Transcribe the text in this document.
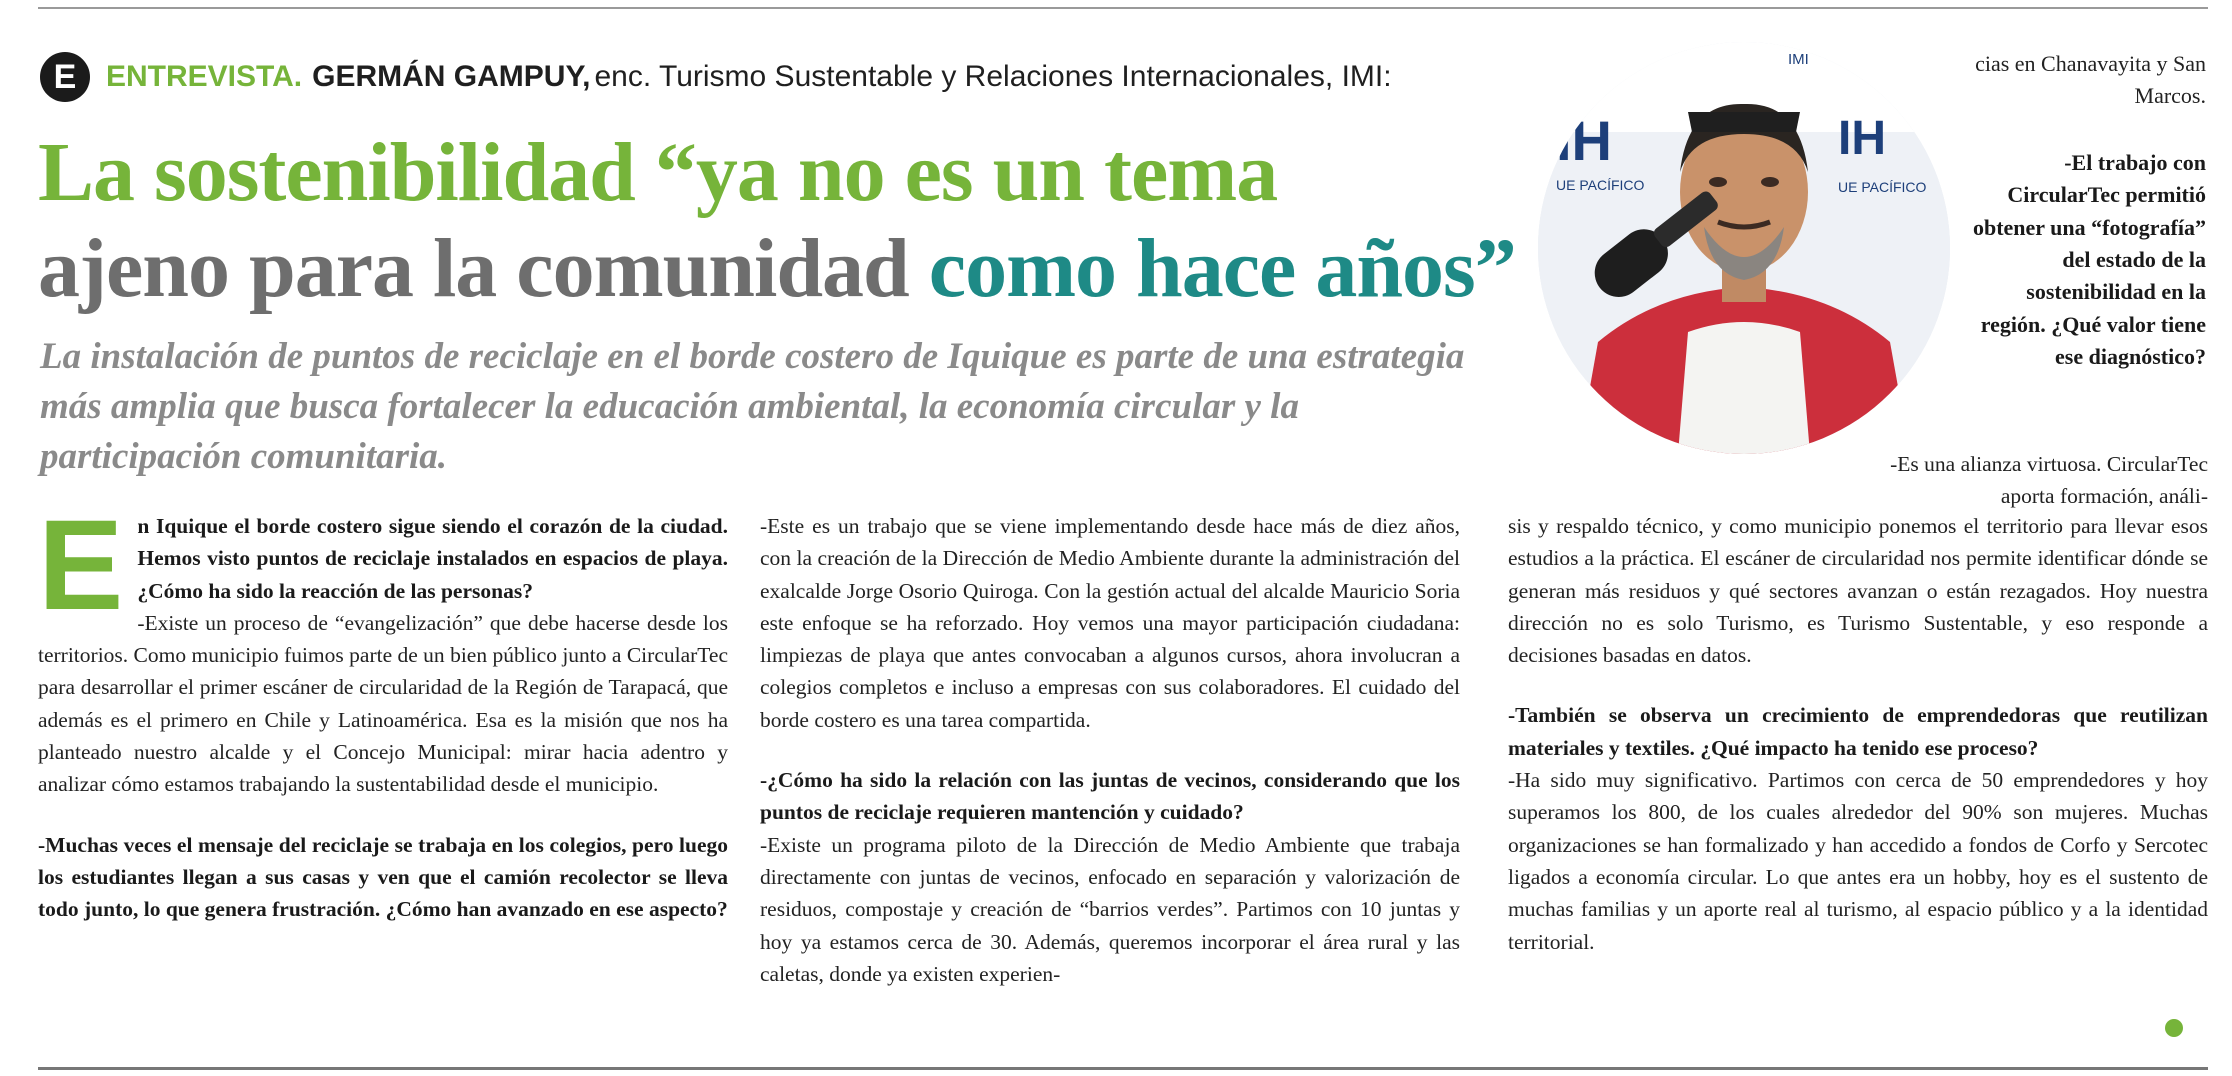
E ENTREVISTA. GERMÁN GAMPUY, enc. Turismo Sustentable y Relaciones Internacionales, IMI:
La sostenibilidad “ya no es un tema
ajeno para la comunidad como hace años”

La instalación de puntos de reciclaje en el borde costero de Iquique es parte de una estrategia más amplia que busca fortalecer la educación ambiental, la economía circular y la participación comunitaria.

UE PACÍFICO	IMI
IH
UE PACÍFICO
IH
UE PACÍFICO

cias en Chanavayita y San Marcos.

-El trabajo con CircularTec permitió obtener una “fotografía” del estado de la sostenibilidad en la región. ¿Qué valor tiene ese diagnóstico?

-Es una alianza virtuosa. CircularTec aporta formación, análi-
E n Iquique el borde costero sigue siendo el corazón de la ciudad. Hemos visto puntos de reciclaje instalados en espacios de playa. ¿Cómo ha sido la reacción de las personas?

-Existe un proceso de “evangelización” que debe hacerse desde los territorios. Como municipio fuimos parte de un bien público junto a CircularTec para desarrollar el primer escáner de circularidad de la Región de Tarapacá, que además es el primero en Chile y Latinoamérica. Esa es la misión que nos ha planteado nuestro alcalde y el Concejo Municipal: mirar hacia adentro y analizar cómo estamos trabajando la sustentabilidad desde el municipio.

-Muchas veces el mensaje del reciclaje se trabaja en los colegios, pero luego los estudiantes llegan a sus casas y ven que el camión recolector se lleva todo junto, lo que genera frustración. ¿Cómo han avanzado en ese aspecto?

-Este es un trabajo que se viene implementando desde hace más de diez años, con la creación de la Dirección de Medio Ambiente durante la administración del exalcalde Jorge Osorio Quiroga. Con la gestión actual del alcalde Mauricio Soria este enfoque se ha reforzado. Hoy vemos una mayor participación ciudadana: limpiezas de playa que antes convocaban a algunos cursos, ahora involucran a colegios completos e incluso a empresas con sus colaboradores. El cuidado del borde costero es una tarea compartida.

-¿Cómo ha sido la relación con las juntas de vecinos, considerando que los puntos de reciclaje requieren mantención y cuidado?

-Existe un programa piloto de la Dirección de Medio Ambiente que trabaja directamente con juntas de vecinos, enfocado en separación y valorización de residuos, compostaje y creación de “barrios verdes”. Partimos con 10 juntas y hoy ya estamos cerca de 30. Además, queremos incorporar el área rural y las caletas, donde ya existen experien-

sis y respaldo técnico, y como municipio ponemos el territorio para llevar esos estudios a la práctica. El escáner de circularidad nos permite identificar dónde se generan más residuos y qué sectores avanzan o están rezagados. Hoy nuestra dirección no es solo Turismo, es Turismo Sustentable, y eso responde a decisiones basadas en datos.

-También se observa un crecimiento de emprendedoras que reutilizan materiales y textiles. ¿Qué impacto ha tenido ese proceso?

-Ha sido muy significativo. Partimos con cerca de 50 emprendedores y hoy superamos los 800, de los cuales alrededor del 90% son mujeres. Muchas organizaciones se han formalizado y han accedido a fondos de Corfo y Sercotec ligados a economía circular. Lo que antes era un hobby, hoy es el sustento de muchas familias y un aporte real al turismo, al espacio público y a la identidad territorial.
